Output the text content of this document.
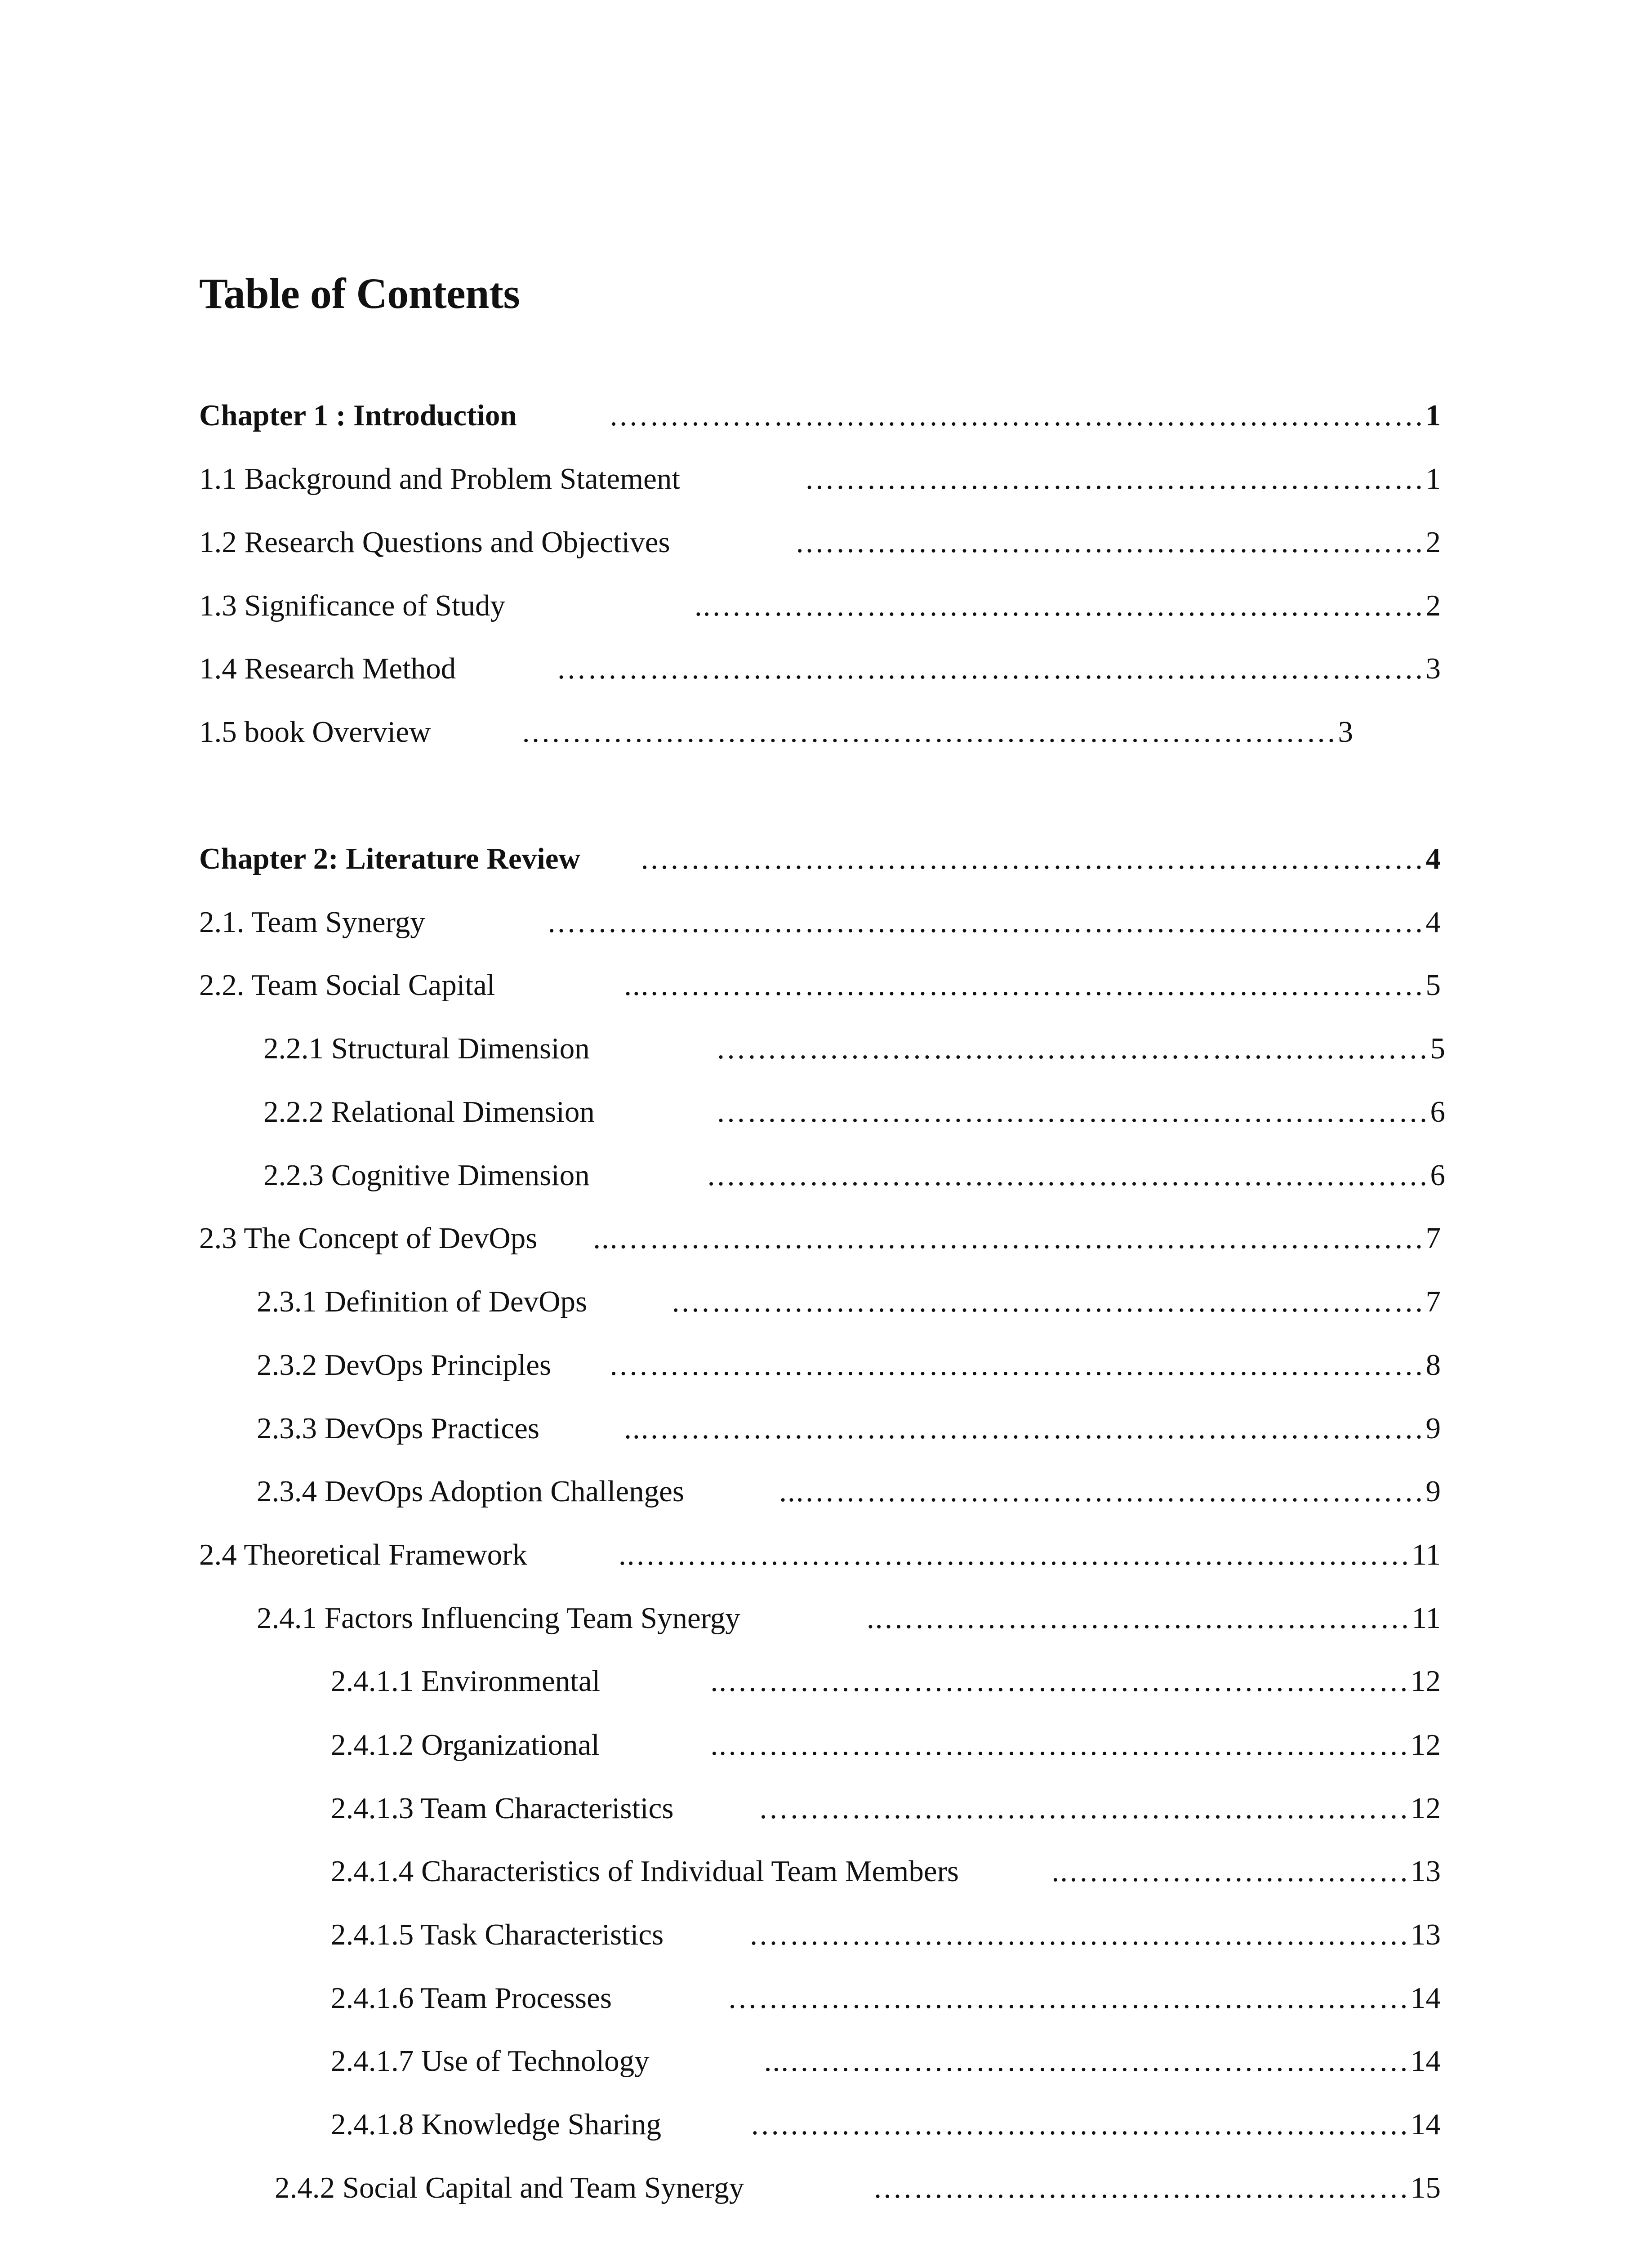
Table of Contents
Chapter 1 : Introduction	1
…………………………………………………………………….
1.1 Background and Problem Statement	1
……………………………………………………
1.2 Research Questions and Objectives	2
…………………………………………………….
1.3 Significance of Study	2
……………………………………………………………..
1.4 Research Method	3
…………………………………………………………………………
1.5 book Overview	3
…………………………………………………………………….
Chapter 2: Literature Review	4
………………………………………………………………….
2.1. Team Synergy	4
………………………………………………………………………….
2.2. Team Social Capital	5
…………………………………………………………………...
2.2.1 Structural Dimension	5
……………………………………………………………
2.2.2 Relational Dimension	6
……………………………………………………………
2.2.3 Cognitive Dimension	6
…………………………………………………………….
2.3 The Concept of DevOps	7
……………………………………………………………………...
2.3.1 Definition of DevOps	7
……………………………………………………………….
2.3.2 DevOps Principles	8
…………………………………………………………………….
2.3.3 DevOps Practices	9
…………………………………………………………………...
2.3.4 DevOps Adoption Challenges	9
……………………………………………………...
2.4 Theoretical Framework	11
…………………………………………………………………..
2.4.1 Factors Influencing Team Synergy	11
……………………………………………..
2.4.1.1 Environmental	12
…………………………………………………………..
2.4.1.2 Organizational	12
…………………………………………………………..
2.4.1.3 Team Characteristics	12
………………………………………………………
2.4.1.4 Characteristics of Individual Team Members	13
……………………………..
2.4.1.5 Task Characteristics	13
……………………………………………………….
2.4.1.6 Team Processes	14
…………………………………………………………
2.4.1.7 Use of Technology	14
……………………………………………………...
2.4.1.8 Knowledge Sharing	14
…………………………………………………….…
2.4.2 Social Capital and Team Synergy	15
…………………………………………….
